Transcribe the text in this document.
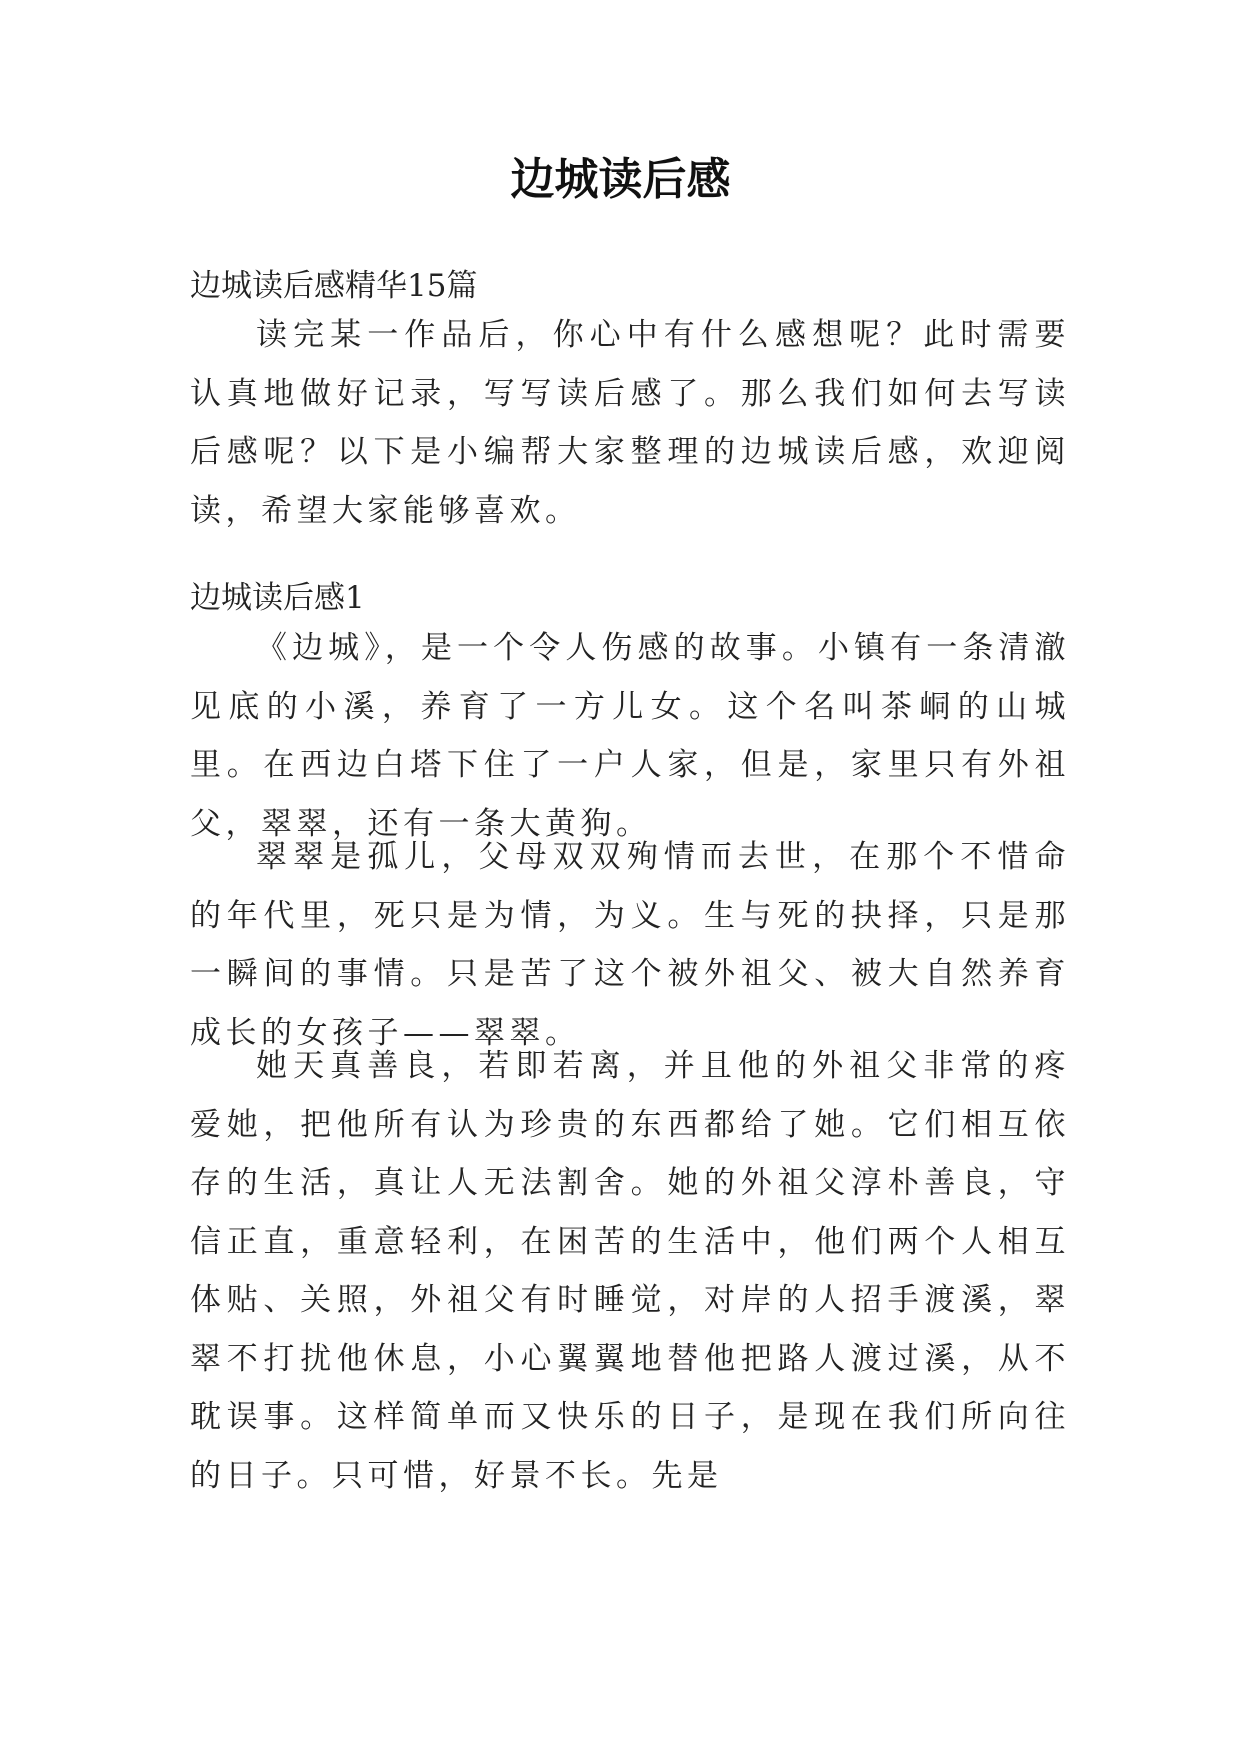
边城读后感
边城读后感精华15篇
读完某一作品后，你心中有什么感想呢？此时需要认真地做好记录，写写读后感了。那么我们如何去写读后感呢？以下是小编帮大家整理的边城读后感，欢迎阅读，希望大家能够喜欢。
边城读后感1
《边城》，是一个令人伤感的故事。小镇有一条清澈见底的小溪，养育了一方儿女。这个名叫茶峒的山城里。在西边白塔下住了一户人家，但是，家里只有外祖父，翠翠，还有一条大黄狗。
翠翠是孤儿，父母双双殉情而去世，在那个不惜命的年代里，死只是为情，为义。生与死的抉择，只是那一瞬间的事情。只是苦了这个被外祖父、被大自然养育成长的女孩子——翠翠。
她天真善良，若即若离，并且他的外祖父非常的疼爱她，把他所有认为珍贵的东西都给了她。它们相互依存的生活，真让人无法割舍。她的外祖父淳朴善良，守信正直，重意轻利，在困苦的生活中，他们两个人相互体贴、关照，外祖父有时睡觉，对岸的人招手渡溪，翠翠不打扰他休息，小心翼翼地替他把路人渡过溪，从不耽误事。这样简单而又快乐的日子，是现在我们所向往的日子。只可惜，好景不长。先是
